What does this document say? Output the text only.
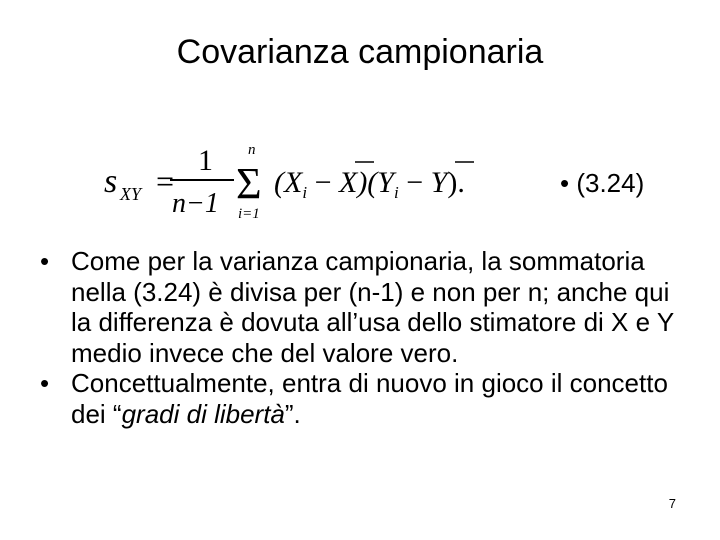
Covarianza campionaria
s XY =
1
n−1
n
Σ
i=1
$(X_i - X)(Y_i - Y)$.	• (3.24)
• Come per la varianza campionaria, la sommatoria nella (3.24) è divisa per (n-1) e non per n; anche qui la differenza è dovuta all’usa dello stimatore di X e Y medio invece che del valore vero.
• Concettualmente, entra di nuovo in gioco il concetto dei “gradi di libertà”.
7
